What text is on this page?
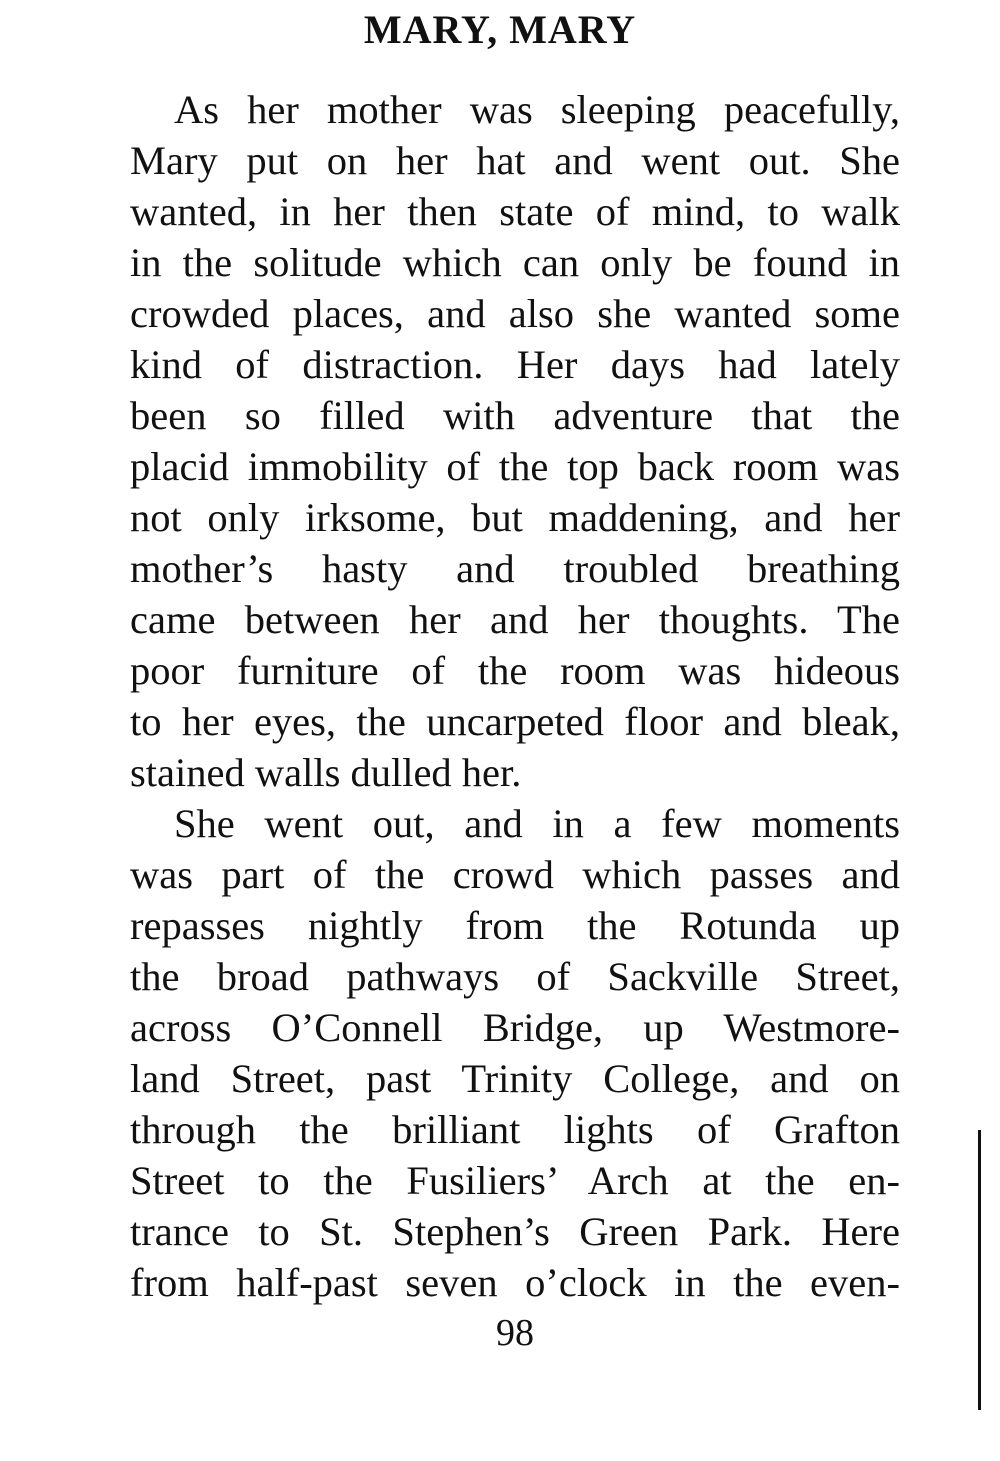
MARY, MARY
As her mother was sleeping peacefully,
Mary put on her hat and went out. She
wanted, in her then state of mind, to walk
in the solitude which can only be found in
crowded places, and also she wanted some
kind of distraction. Her days had lately
been so filled with adventure that the
placid immobility of the top back room was
not only irksome, but maddening, and her
mother’s hasty and troubled breathing
came between her and her thoughts. The
poor furniture of the room was hideous
to her eyes, the uncarpeted floor and bleak,
stained walls dulled her.
She went out, and in a few moments
was part of the crowd which passes and
repasses nightly from the Rotunda up
the broad pathways of Sackville Street,
across O’Connell Bridge, up Westmore-
land Street, past Trinity College, and on
through the brilliant lights of Grafton
Street to the Fusiliers’ Arch at the en-
trance to St. Stephen’s Green Park. Here
from half-past seven o’clock in the even-
98
